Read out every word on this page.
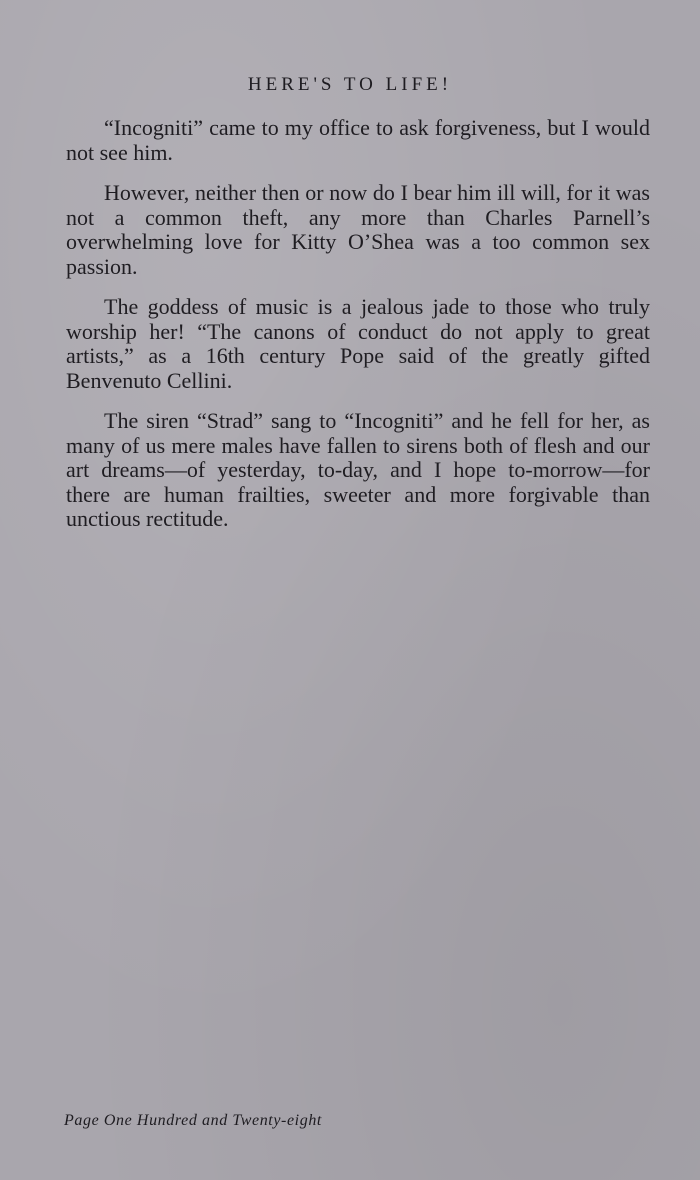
HERE'S TO LIFE!

“Incogniti” came to my office to ask forgiveness, but I would not see him.

However, neither then or now do I bear him ill will, for it was not a common theft, any more than Charles Parnell’s overwhelming love for Kitty O’Shea was a too common sex passion.

The goddess of music is a jealous jade to those who truly worship her! “The canons of conduct do not apply to great artists,” as a 16th century Pope said of the greatly gifted Benvenuto Cellini.

The siren “Strad” sang to “Incogniti” and he fell for her, as many of us mere males have fallen to sirens both of flesh and our art dreams—of yesterday, to-day, and I hope to-morrow—for there are human frailties, sweeter and more forgivable than unctious rectitude.

Page One Hundred and Twenty-eight
